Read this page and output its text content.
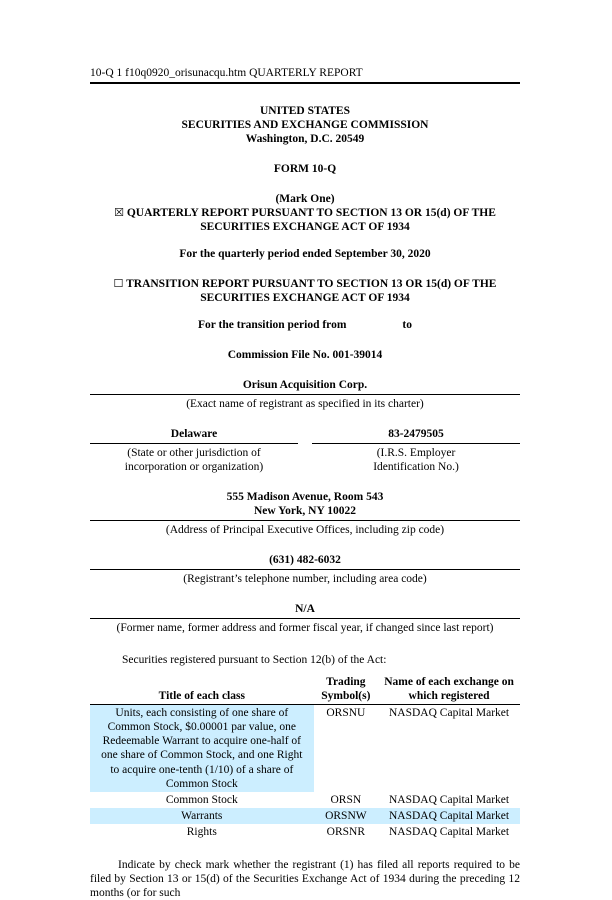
10-Q 1 f10q0920_orisunacqu.htm QUARTERLY REPORT
UNITED STATES
SECURITIES AND EXCHANGE COMMISSION
Washington, D.C. 20549
FORM 10-Q
(Mark One)
☒ QUARTERLY REPORT PURSUANT TO SECTION 13 OR 15(d) OF THE SECURITIES EXCHANGE ACT OF 1934
For the quarterly period ended September 30, 2020
☐ TRANSITION REPORT PURSUANT TO SECTION 13 OR 15(d) OF THE SECURITIES EXCHANGE ACT OF 1934
For the transition period from	to
Commission File No. 001-39014
Orisun Acquisition Corp.
(Exact name of registrant as specified in its charter)
Delaware
(State or other jurisdiction of
incorporation or organization)
83-2479505
(I.R.S. Employer
Identification No.)
555 Madison Avenue, Room 543
New York, NY 10022
(Address of Principal Executive Offices, including zip code)
(631) 482-6032
(Registrant’s telephone number, including area code)
N/A
(Former name, former address and former fiscal year, if changed since last report)
Securities registered pursuant to Section 12(b) of the Act:
Title of each class	Trading Symbol(s)	Name of each exchange on which registered
Units, each consisting of one share of Common Stock, $0.00001 par value, one Redeemable Warrant to acquire one-half of one share of Common Stock, and one Right to acquire one-tenth (1/10) of a share of Common Stock	ORSNU	NASDAQ Capital Market
Common Stock	ORSN	NASDAQ Capital Market
Warrants	ORSNW	NASDAQ Capital Market
Rights	ORSNR	NASDAQ Capital Market
Indicate by check mark whether the registrant (1) has filed all reports required to be filed by Section 13 or 15(d) of the Securities Exchange Act of 1934 during the preceding 12 months (or for such
